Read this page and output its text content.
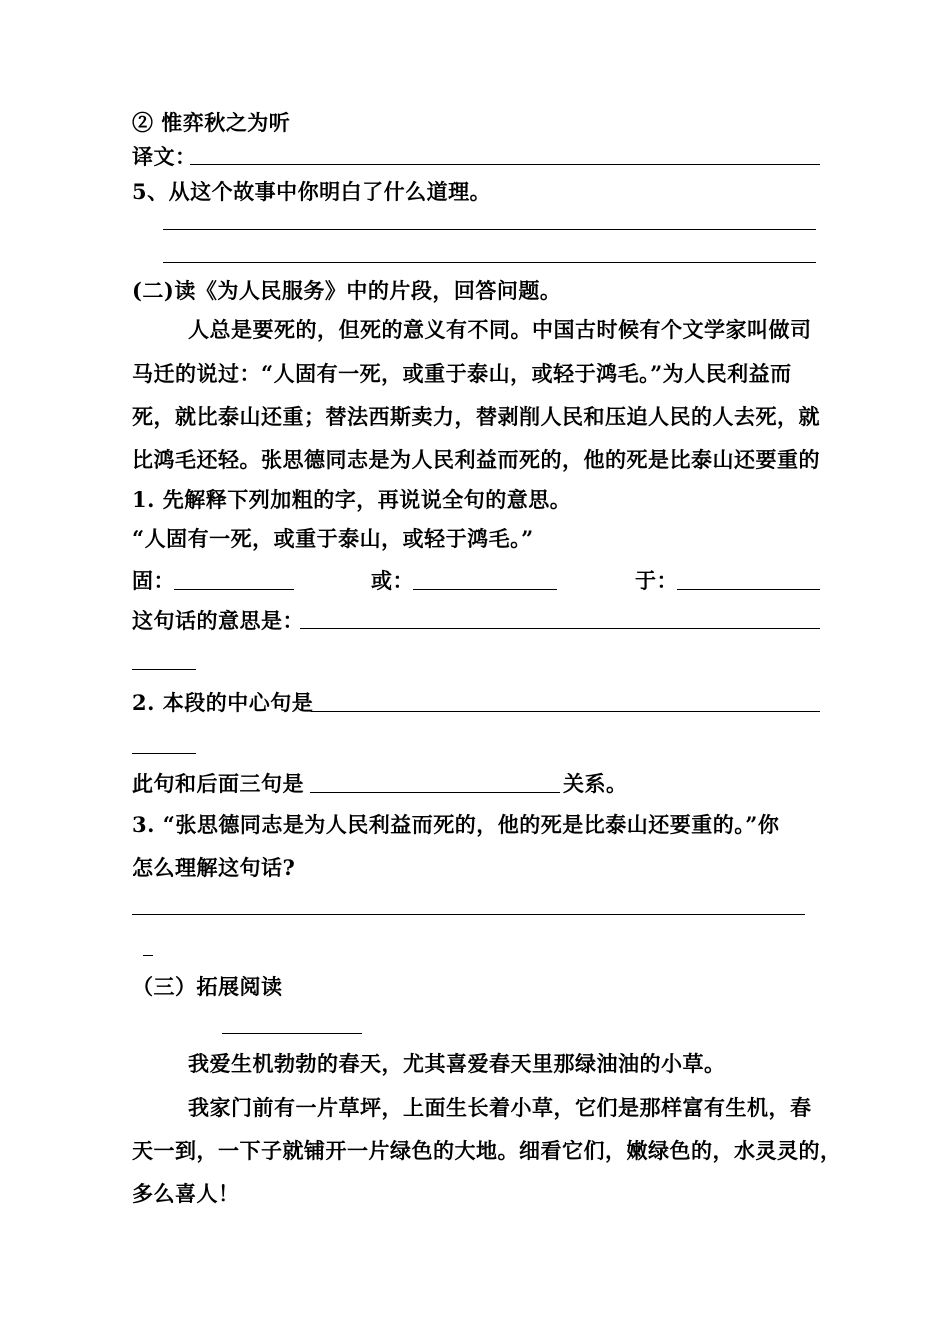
② 惟弈秋之为听
译文：
5、从这个故事中你明白了什么道理。
(二)读《为人民服务》中的片段，回答问题。
人总是要死的，但死的意义有不同。中国古时候有个文学家叫做司
马迁的说过：“人固有一死，或重于泰山，或轻于鸿毛。”为人民利益而
死，就比泰山还重；替法西斯卖力，替剥削人民和压迫人民的人去死，就
比鸿毛还轻。张思德同志是为人民利益而死的，他的死是比泰山还要重的
1. 先解释下列加粗的字，再说说全句的意思。
“人固有一死，或重于泰山，或轻于鸿毛。”
固：	或：	于：
这句话的意思是：
2. 本段的中心句是
此句和后面三句是	关系。
3. “张思德同志是为人民利益而死的，他的死是比泰山还要重的。”你
怎么理解这句话?
（三）拓展阅读
我爱生机勃勃的春天，尤其喜爱春天里那绿油油的小草。
我家门前有一片草坪，上面生长着小草，它们是那样富有生机，春
天一到，一下子就铺开一片绿色的大地。细看它们，嫩绿色的，水灵灵的，
多么喜人！
